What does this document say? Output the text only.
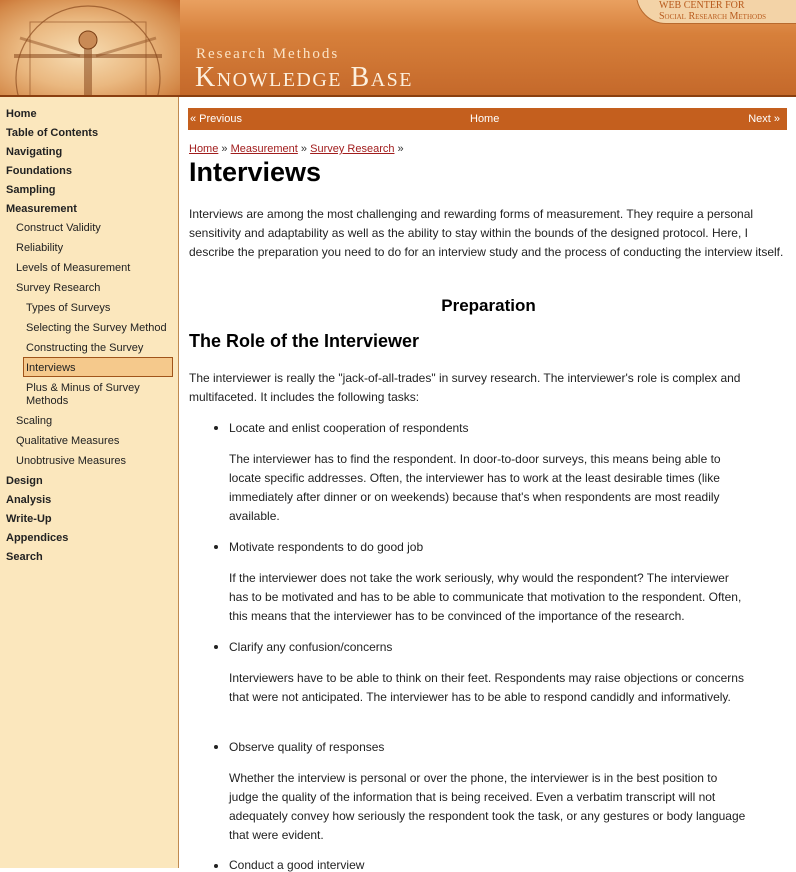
Research Methods
Knowledge Base
WEB CENTER FOR
Social Research Methods
Home
Table of Contents
Navigating
Foundations
Sampling
Measurement
Construct Validity
Reliability
Levels of Measurement
Survey Research
Types of Surveys
Selecting the Survey Method
Constructing the Survey
Interviews
Plus & Minus of Survey Methods
Scaling
Qualitative Measures
Unobtrusive Measures
Design
Analysis
Write-Up
Appendices
Search
« Previous	Home	Next »
Home » Measurement » Survey Research »
Interviews

Interviews are among the most challenging and rewarding forms of measurement. They require a personal sensitivity and adaptability as well as the ability to stay within the bounds of the designed protocol. Here, I describe the preparation you need to do for an interview study and the process of conducting the interview itself.

Preparation
The Role of the Interviewer

The interviewer is really the "jack-of-all-trades" in survey research. The interviewer's role is complex and multifaceted. It includes the following tasks:

Locate and enlist cooperation of respondents

The interviewer has to find the respondent. In door-to-door surveys, this means being able to locate specific addresses. Often, the interviewer has to work at the least desirable times (like immediately after dinner or on weekends) because that's when respondents are most readily available.

Motivate respondents to do good job

If the interviewer does not take the work seriously, why would the respondent? The interviewer has to be motivated and has to be able to communicate that motivation to the respondent. Often, this means that the interviewer has to be convinced of the importance of the research.

Clarify any confusion/concerns

Interviewers have to be able to think on their feet. Respondents may raise objections or concerns that were not anticipated. The interviewer has to be able to respond candidly and informatively.

Observe quality of responses

Whether the interview is personal or over the phone, the interviewer is in the best position to judge the quality of the information that is being received. Even a verbatim transcript will not adequately convey how seriously the respondent took the task, or any gestures or body language that were evident.

Conduct a good interview
